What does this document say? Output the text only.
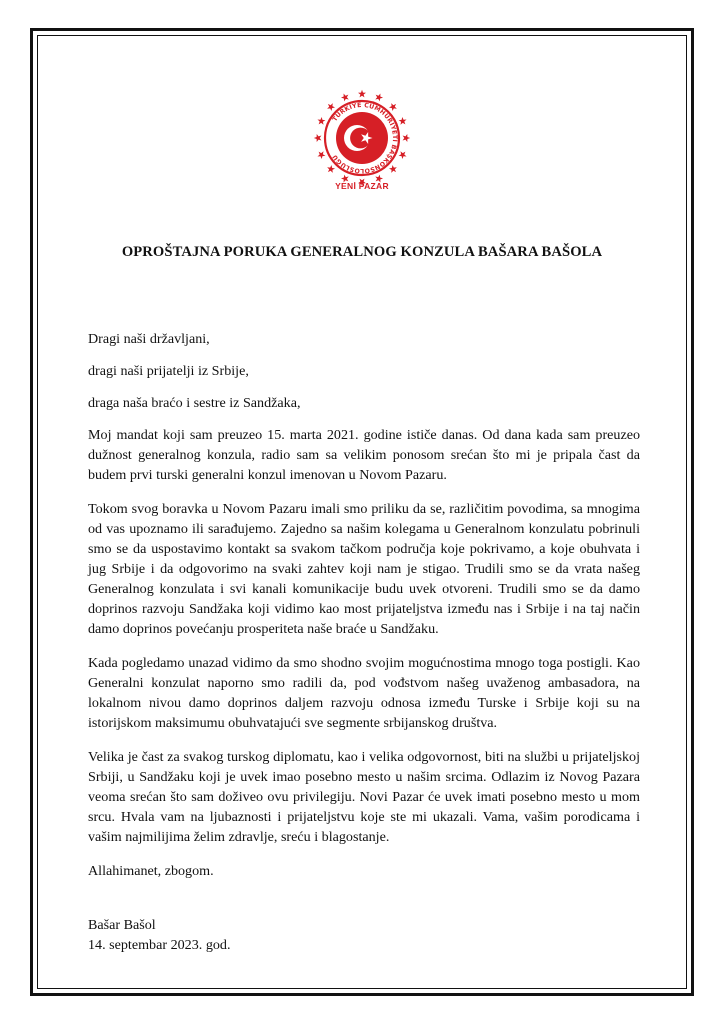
TÜRKİYE CUMHURİYETİ BAŞKONSOLOSLUĞU
YENİ PAZAR
OPROŠTAJNA PORUKA GENERALNOG KONZULA BAŠARA BAŠOLA

Dragi naši državljani,

dragi naši prijatelji iz Srbije,

draga naša braćo i sestre iz Sandžaka,

Moj mandat koji sam preuzeo 15. marta 2021. godine ističe danas. Od dana kada sam preuzeo dužnost generalnog konzula, radio sam sa velikim ponosom srećan što mi je pripala čast da budem prvi turski generalni konzul imenovan u Novom Pazaru.

Tokom svog boravka u Novom Pazaru imali smo priliku da se, različitim povodima, sa mnogima od vas upoznamo ili sarađujemo. Zajedno sa našim kolegama u Generalnom konzulatu pobrinuli smo se da uspostavimo kontakt sa svakom tačkom područja koje pokrivamo, a koje obuhvata i jug Srbije i da odgovorimo na svaki zahtev koji nam je stigao. Trudili smo se da vrata našeg Generalnog konzulata i svi kanali komunikacije budu uvek otvoreni. Trudili smo se da damo doprinos razvoju Sandžaka koji vidimo kao most prijateljstva između nas i Srbije i na taj način damo doprinos povećanju prosperiteta naše braće u Sandžaku.

Kada pogledamo unazad vidimo da smo shodno svojim mogućnostima mnogo toga postigli. Kao Generalni konzulat naporno smo radili da, pod vođstvom našeg uvaženog ambasadora, na lokalnom nivou damo doprinos daljem razvoju odnosa između Turske i Srbije koji su na istorijskom maksimumu obuhvatajući sve segmente srbijanskog društva.

Velika je čast za svakog turskog diplomatu, kao i velika odgovornost, biti na službi u prijateljskoj Srbiji, u Sandžaku koji je uvek imao posebno mesto u našim srcima. Odlazim iz Novog Pazara veoma srećan što sam doživeo ovu privilegiju. Novi Pazar će uvek imati posebno mesto u mom srcu. Hvala vam na ljubaznosti i prijateljstvu koje ste mi ukazali. Vama, vašim porodicama i vašim najmilijima želim zdravlje, sreću i blagostanje.

Allahimanet, zbogom.

Bašar Bašol

14. septembar 2023. god.
